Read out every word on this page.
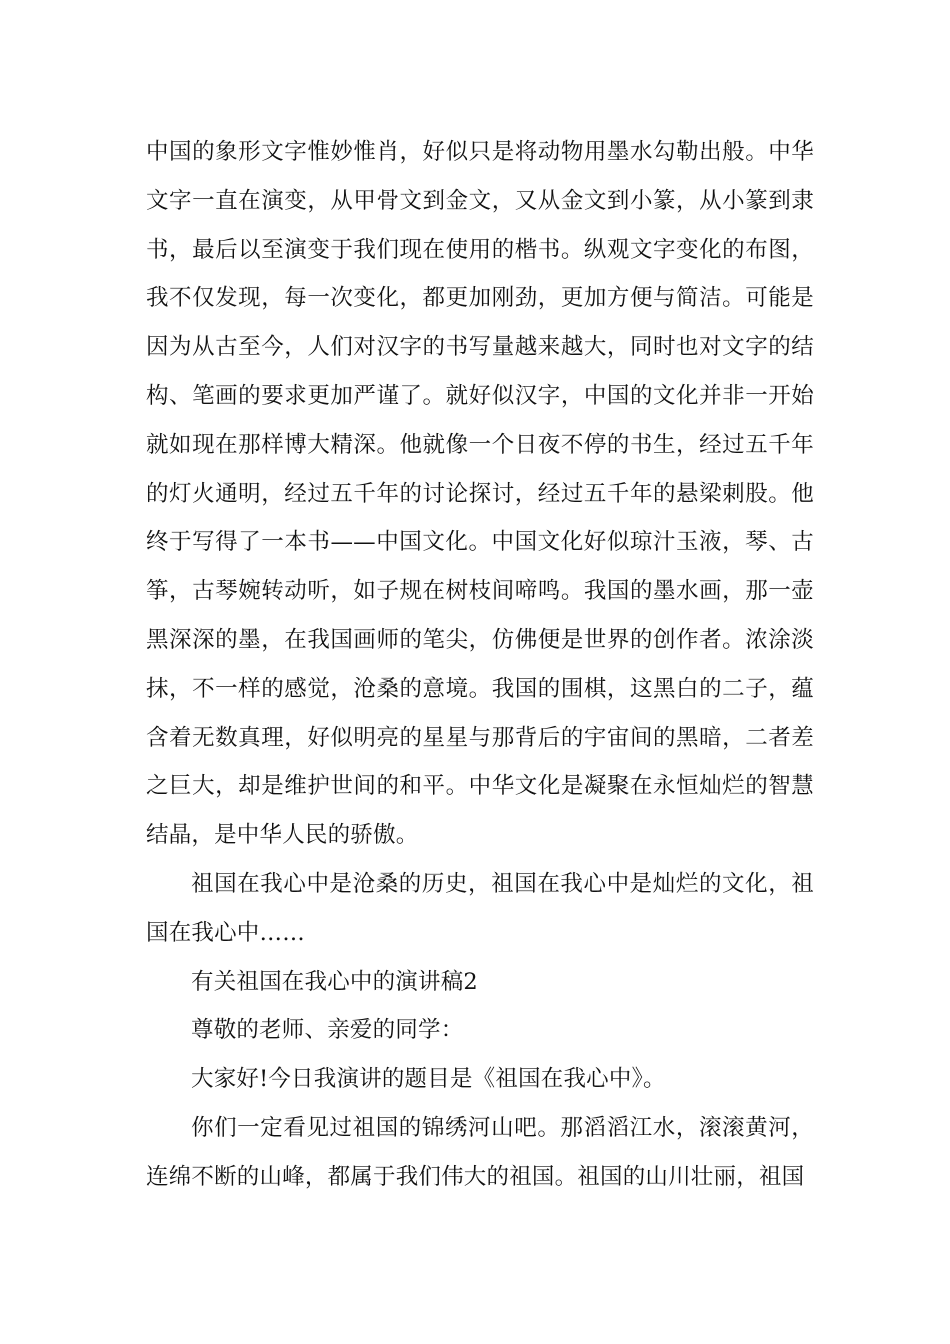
中国的象形文字惟妙惟肖，好似只是将动物用墨水勾勒出般。中华文字一直在演变，从甲骨文到金文，又从金文到小篆，从小篆到隶书，最后以至演变于我们现在使用的楷书。纵观文字变化的布图，我不仅发现，每一次变化，都更加刚劲，更加方便与简洁。可能是因为从古至今，人们对汉字的书写量越来越大，同时也对文字的结构、笔画的要求更加严谨了。就好似汉字，中国的文化并非一开始就如现在那样博大精深。他就像一个日夜不停的书生，经过五千年的灯火通明，经过五千年的讨论探讨，经过五千年的悬梁刺股。他终于写得了一本书——中国文化。中国文化好似琼汁玉液，琴、古筝，古琴婉转动听，如子规在树枝间啼鸣。我国的墨水画，那一壶黑深深的墨，在我国画师的笔尖，仿佛便是世界的创作者。浓涂淡抹，不一样的感觉，沧桑的意境。我国的围棋，这黑白的二子，蕴含着无数真理，好似明亮的星星与那背后的宇宙间的黑暗，二者差之巨大，却是维护世间的和平。中华文化是凝聚在永恒灿烂的智慧结晶，是中华人民的骄傲。

祖国在我心中是沧桑的历史，祖国在我心中是灿烂的文化，祖国在我心中……

有关祖国在我心中的演讲稿2

尊敬的老师、亲爱的同学：

大家好!今日我演讲的题目是《祖国在我心中》。

你们一定看见过祖国的锦绣河山吧。那滔滔江水，滚滚黄河，连绵不断的山峰，都属于我们伟大的祖国。祖国的山川壮丽，祖国
